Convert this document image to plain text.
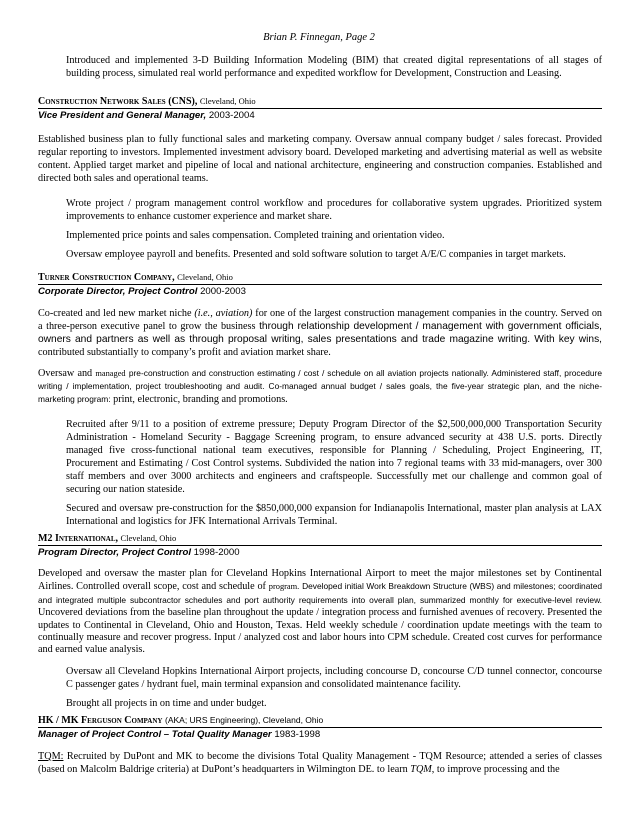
Brian P. Finnegan, Page 2
Introduced and implemented 3-D Building Information Modeling (BIM) that created digital representations of all stages of building process, simulated real world performance and expedited workflow for Development, Construction and Leasing.
Construction Network Sales (CNS), Cleveland, Ohio
Vice President and General Manager, 2003-2004
Established business plan to fully functional sales and marketing company. Oversaw annual company budget / sales forecast. Provided regular reporting to investors. Implemented investment advisory board. Developed marketing and advertising material as well as website content. Applied target market and pipeline of local and national architecture, engineering and construction companies. Established and directed both sales and operational teams.
Wrote project / program management control workflow and procedures for collaborative system upgrades. Prioritized system improvements to enhance customer experience and market share.
Implemented price points and sales compensation. Completed training and orientation video.
Oversaw employee payroll and benefits. Presented and sold software solution to target A/E/C companies in target markets.
Turner Construction Company, Cleveland, Ohio
Corporate Director, Project Control 2000-2003
Co-created and led new market niche (i.e., aviation) for one of the largest construction management companies in the country. Served on a three-person executive panel to grow the business through relationship development / management with government officials, owners and partners as well as through proposal writing, sales presentations and trade magazine writing. With key wins, contributed substantially to company’s profit and aviation market share.
Oversaw and managed pre-construction and construction estimating / cost / schedule on all aviation projects nationally. Administered staff, procedure writing / implementation, project troubleshooting and audit. Co-managed annual budget / sales goals, the five-year strategic plan, and the niche-marketing program: print, electronic, branding and promotions.
Recruited after 9/11 to a position of extreme pressure; Deputy Program Director of the $2,500,000,000 Transportation Security Administration - Homeland Security - Baggage Screening program, to ensure advanced security at 438 U.S. ports. Directly managed five cross-functional national team executives, responsible for Planning / Scheduling, Project Engineering, IT, Procurement and Estimating / Cost Control systems. Subdivided the nation into 7 regional teams with 33 mid-managers, over 300 staff members and over 3000 architects and engineers and craftspeople. Successfully met our challenge and common goal of securing our nation stateside.
Secured and oversaw pre-construction for the $850,000,000 expansion for Indianapolis International, master plan analysis at LAX International and logistics for JFK International Arrivals Terminal.
M2 International, Cleveland, Ohio
Program Director, Project Control 1998-2000
Developed and oversaw the master plan for Cleveland Hopkins International Airport to meet the major milestones set by Continental Airlines. Controlled overall scope, cost and schedule of program. Developed initial Work Breakdown Structure (WBS) and milestones; coordinated and integrated multiple subcontractor schedules and port authority requirements into overall plan, summarized monthly for executive-level review. Uncovered deviations from the baseline plan throughout the update / integration process and furnished avenues of recovery. Presented the updates to Continental in Cleveland, Ohio and Houston, Texas. Held weekly schedule / coordination update meetings with the team to continually measure and recover progress. Input / analyzed cost and labor hours into CPM schedule. Created cost curves for performance and earned value analysis.
Oversaw all Cleveland Hopkins International Airport projects, including concourse D, concourse C/D tunnel connector, concourse C passenger gates / hydrant fuel, main terminal expansion and consolidated maintenance facility.
Brought all projects in on time and under budget.
HK / MK Ferguson Company (AKA; URS Engineering), Cleveland, Ohio
Manager of Project Control – Total Quality Manager 1983-1998
TQM: Recruited by DuPont and MK to become the divisions Total Quality Management - TQM Resource; attended a series of classes (based on Malcolm Baldrige criteria) at DuPont’s headquarters in Wilmington DE. to learn TQM, to improve processing and the
